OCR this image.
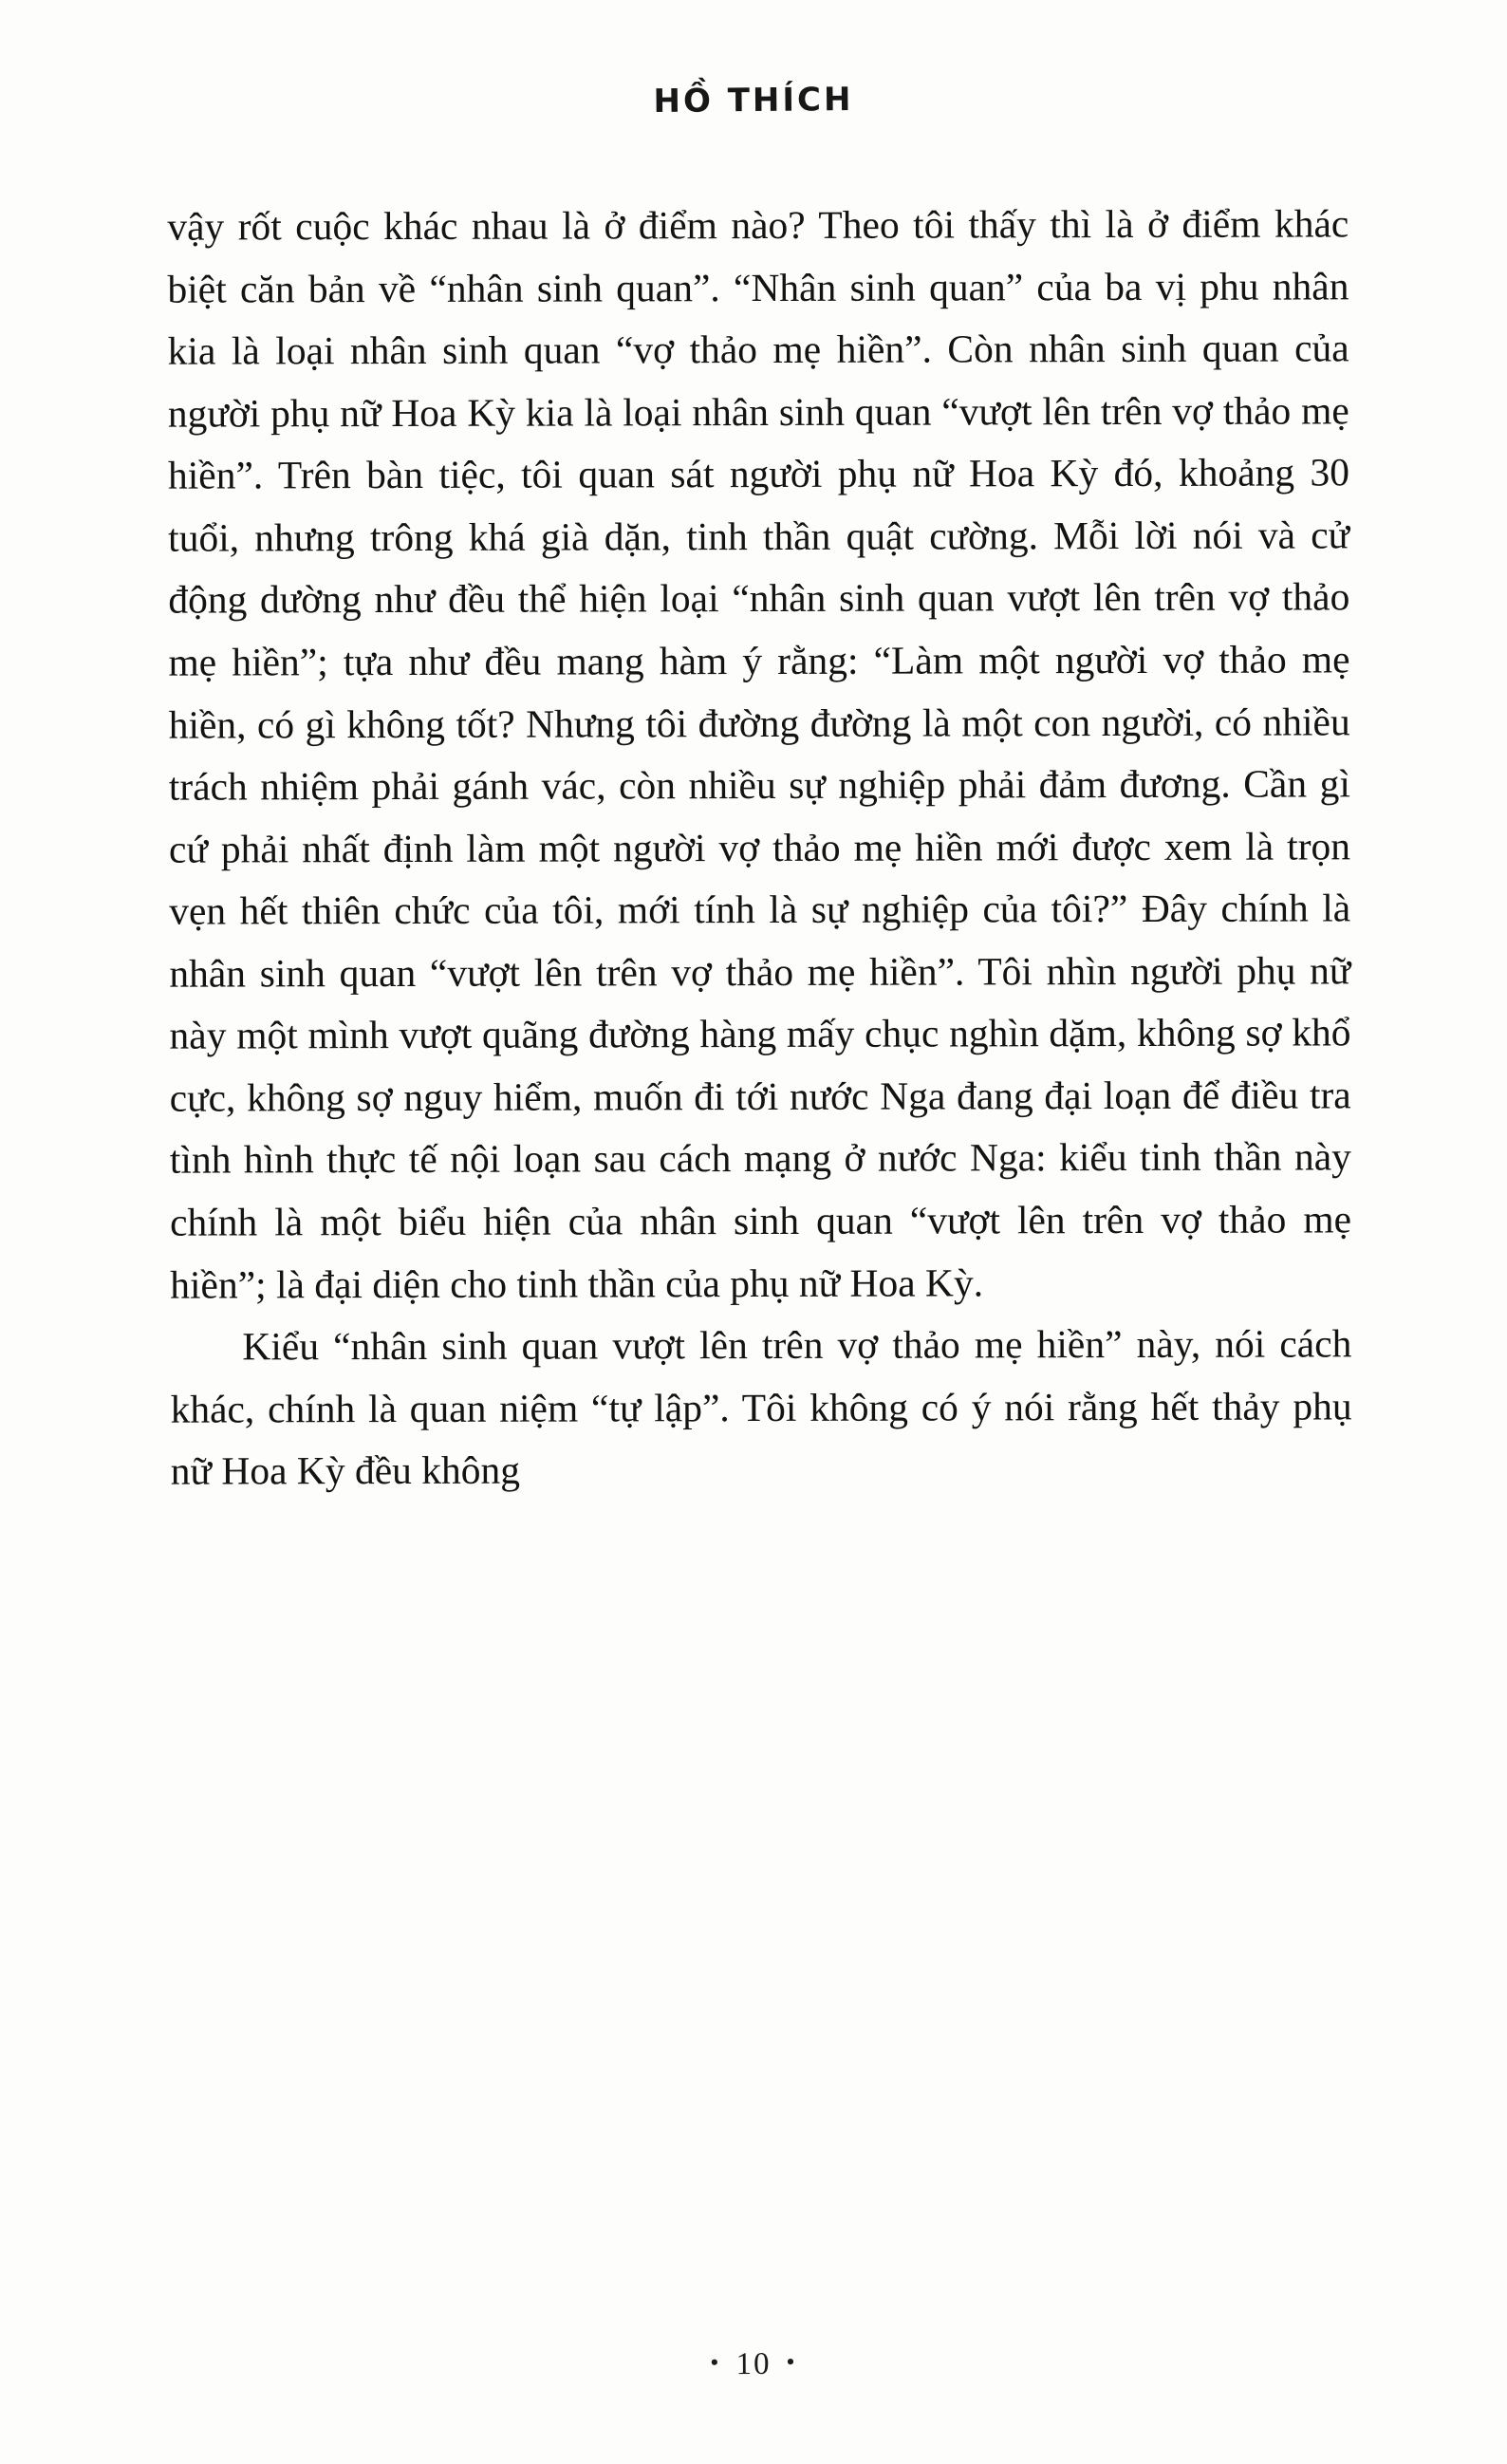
HỒ THÍCH

vậy rốt cuộc khác nhau là ở điểm nào? Theo tôi thấy thì là ở điểm khác biệt căn bản về “nhân sinh quan”. “Nhân sinh quan” của ba vị phu nhân kia là loại nhân sinh quan “vợ thảo mẹ hiền”. Còn nhân sinh quan của người phụ nữ Hoa Kỳ kia là loại nhân sinh quan “vượt lên trên vợ thảo mẹ hiền”. Trên bàn tiệc, tôi quan sát người phụ nữ Hoa Kỳ đó, khoảng 30 tuổi, nhưng trông khá già dặn, tinh thần quật cường. Mỗi lời nói và cử động dường như đều thể hiện loại “nhân sinh quan vượt lên trên vợ thảo mẹ hiền”; tựa như đều mang hàm ý rằng: “Làm một người vợ thảo mẹ hiền, có gì không tốt? Nhưng tôi đường đường là một con người, có nhiều trách nhiệm phải gánh vác, còn nhiều sự nghiệp phải đảm đương. Cần gì cứ phải nhất định làm một người vợ thảo mẹ hiền mới được xem là trọn vẹn hết thiên chức của tôi, mới tính là sự nghiệp của tôi?” Đây chính là nhân sinh quan “vượt lên trên vợ thảo mẹ hiền”. Tôi nhìn người phụ nữ này một mình vượt quãng đường hàng mấy chục nghìn dặm, không sợ khổ cực, không sợ nguy hiểm, muốn đi tới nước Nga đang đại loạn để điều tra tình hình thực tế nội loạn sau cách mạng ở nước Nga: kiểu tinh thần này chính là một biểu hiện của nhân sinh quan “vượt lên trên vợ thảo mẹ hiền”; là đại diện cho tinh thần của phụ nữ Hoa Kỳ.

Kiểu “nhân sinh quan vượt lên trên vợ thảo mẹ hiền” này, nói cách khác, chính là quan niệm “tự lập”. Tôi không có ý nói rằng hết thảy phụ nữ Hoa Kỳ đều không

• 10 •
